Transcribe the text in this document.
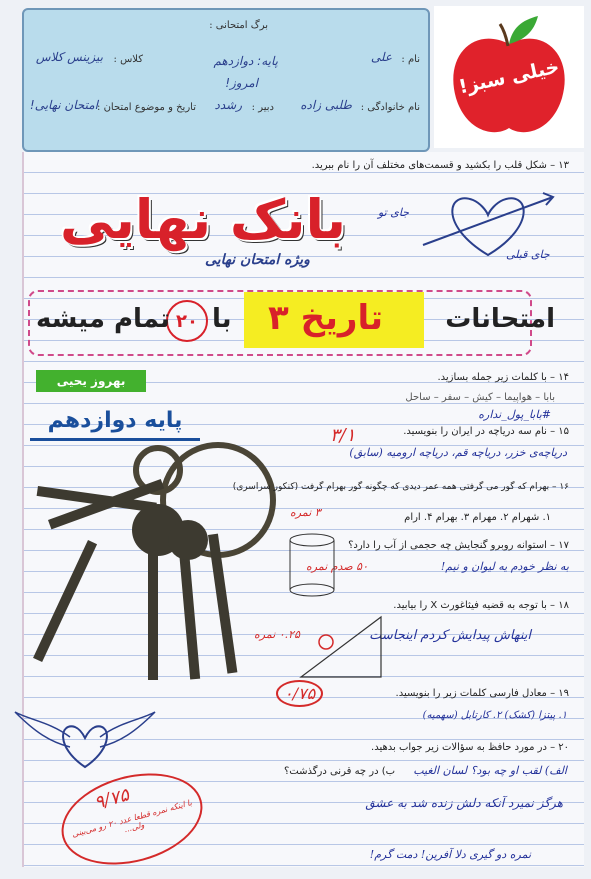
برگ امتحانی :
نام :
علی
پایه: دوازدهم
کلاس :
بیزینس کلاس
امروز!
نام خانوادگی :
طلبی زاده
دبیر :
رشدد
تاریخ و موضوع امتحان :
امتحان نهایی!
خیلی سبز!
۱۳ – شکل قلب را بکشید و قسمت‌های مختلف آن را نام ببرید.
جای تو
جای قبلی
بانک نهایی
ویژه امتحان نهایی
امتحانات
تاریخ ۳
با
۲۰
تمام میشه
بهروز یحیی
پایه دوازدهم
۱۴ – با کلمات زیر جمله بسازید.
بابا – هواپیما – کیش – سفر – ساحل
#بابا_پول_نداره
۳/۱	۱۵ – نام سه دریاچه در ایران را بنویسید.
دریاچه‌ی خزر، دریاچه قم، دریاچه ارومیه (سابق)
۱۶ – بهرام که گور می گرفتی همه عمر دیدی که چگونه گور بهرام گرفت (کنکور سراسری)
۱. شهرام ۲. مهرام ۳. بهرام ۴. ارام
۳ نمره
۱۷ – استوانه روبرو گنجایش چه حجمی از آب را دارد؟
به نظر خودم یه لیوان و نیم!
۵۰ صدم نمره
۱۸ – با توجه به قضیه فیثاغورث X را بیابید.
اینهاش پیدایش کردم اینجاست
۰.۲۵ نمره
۱۹ – معادل فارسی کلمات زیر را بنویسید.
۱. پیتزا (کشک) ۲. کارتابل (سهمیه)
۰/۷۵
۲۰ – در مورد حافظ به سؤالات زیر جواب بدهید.
الف) لقب او چه بود؟ لسان الغیب
ب) در چه قرنی درگذشت؟
هرگز نمیرد آنکه دلش زنده شد به عشق
۹/۷۵
با اینکه نمره قطعا عدد ۲۰ رو می‌بینی ولی...
نمره دو گیری دلا آفرین! دمت گرم!
